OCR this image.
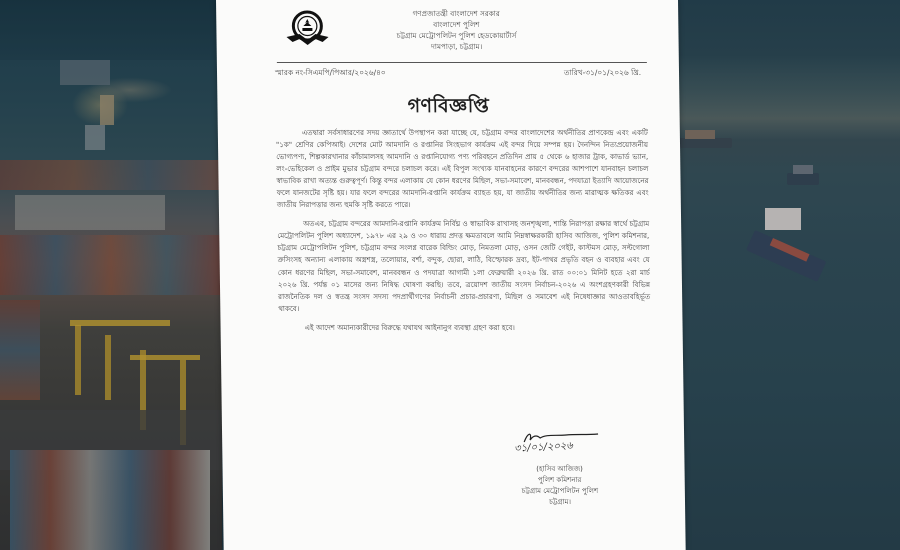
গণপ্রজাতন্ত্রী বাংলাদেশ সরকার
বাংলাদেশ পুলিশ
চট্টগ্রাম মেট্রোপলিটন পুলিশ হেডকোয়ার্টার্স
দামপাড়া, চট্টগ্রাম।
স্মারক নং-সিএমপি/পিআর/২০২৬/৪০	তারিখ-৩১/০১/২০২৬ খ্রি.
গণবিজ্ঞপ্তি

এতদ্বারা সর্বসাধারণের সদয় জ্ঞাতার্থে উপস্থাপন করা যাচ্ছে যে, চট্টগ্রাম বন্দর বাংলাদেশের অর্থনীতির প্রাণকেন্দ্র এবং একটি "১ক" শ্রেণির কেপিআই। দেশের মোট আমদানি ও রপ্তানির সিংহভাগ কার্যক্রম এই বন্দর দিয়ে সম্পন্ন হয়। দৈনন্দিন নিত্যপ্রয়োজনীয় ভোগ্যপণ্য, শিল্পকারখানার কাঁচামালসহ আমদানি ও রপ্তানিযোগ্য পণ্য পরিবহনে প্রতিদিন প্রায় ৫ থেকে ৬ হাজার ট্রাক, কাভার্ড ভ্যান, লং-ভেহিকেল ও প্রাইম মুভার চট্টগ্রাম বন্দরে চলাচল করে। এই বিপুল সংখ্যক যানবাহনের কারণে বন্দরের আশপাশে যানবাহন চলাচল স্বাভাবিক রাখা অত্যন্ত গুরুত্বপূর্ণ। কিন্তু বন্দর এলাকায় যে কোন ধরণের মিছিল, সভা-সমাবেশ, মানববন্ধন, পদযাত্রা ইত্যাদি আয়োজনের ফলে যানজটের সৃষ্টি হয়। যার ফলে বন্দরের আমদানি-রপ্তানি কার্যক্রম ব্যাহত হয়, যা জাতীয় অর্থনীতির জন্য মারাত্মক ক্ষতিকর এবং জাতীয় নিরাপত্তার জন্য হুমকি সৃষ্টি করতে পারে।

অতএব, চট্টগ্রাম বন্দরের আমদানি-রপ্তানি কার্যক্রম নির্বিঘ্ন ও স্বাভাবিক রাখাসহ জনশৃঙ্খলা, শান্তি নিরাপত্তা রক্ষার স্বার্থে চট্টগ্রাম মেট্রোপলিটন পুলিশ অধ্যাদেশ, ১৯৭৮ এর ২৯ ও ৩০ ধারায় প্রদত্ত ক্ষমতাবলে আমি নিম্নস্বাক্ষরকারী হাসিব আজিজ, পুলিশ কমিশনার, চট্টগ্রাম মেট্রোপলিটন পুলিশ, চট্টগ্রাম বন্দর সংলগ্ন বারেক বিল্ডিং মোড়, নিমতলা মোড়, ওসন জেটি গেইট, কাস্টমস মোড়, সল্টগোলা ক্রসিংসহ অন্যান্য এলাকায় অস্ত্রশস্ত্র, তলোয়ার, বর্শা, বন্দুক, ছোরা, লাঠি, বিস্ফোরক দ্রব্য, ইট-পাথর প্রভৃতি বহন ও ব্যবহার এবং যে কোন ধরণের মিছিল, সভা-সমাবেশ, মানববন্ধন ও পদযাত্রা আগামী ১লা ফেব্রুয়ারী ২০২৬ খ্রি. রাত ০০:০১ মিনিট হতে ২রা মার্চ ২০২৬ খ্রি. পর্যন্ত ০১ মাসের জন্য নিষিদ্ধ ঘোষণা করছি। তবে, ত্রয়োদশ জাতীয় সংসদ নির্বাচন-২০২৬ এ অংশগ্রহণকারী বিভিন্ন রাজনৈতিক দল ও স্বতন্ত্র সংসদ সদস্য পদপ্রার্থীগণের নির্বাচনী প্রচার-প্রচারণা, মিছিল ও সমাবেশ এই নিষেধাজ্ঞার আওতাবহির্ভূত থাকবে।

এই আদেশ অমান্যকারীদের বিরুদ্ধে যথাযথ আইনানুগ ব্যবস্থা গ্রহণ করা হবে।

৩১/০১/২০২৬
(হাসিব আজিজ)
পুলিশ কমিশনার
চট্টগ্রাম মেট্রোপলিটন পুলিশ
চট্টগ্রাম।
